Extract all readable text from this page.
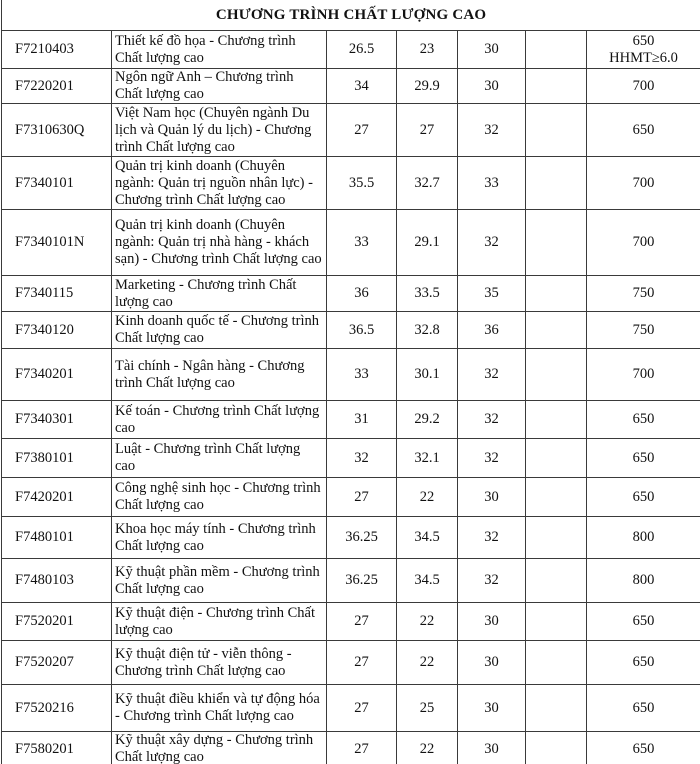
CHƯƠNG TRÌNH CHẤT LƯỢNG CAO						
F7210403	Thiết kế đồ họa - Chương trình Chất lượng cao	26.5	23	30		650
HHMT≥6.0

F7220201	Ngôn ngữ Anh – Chương trình Chất lượng cao	34	29.9	30		700

F7310630Q	Việt Nam học (Chuyên ngành Du lịch và Quản lý du lịch) - Chương trình Chất lượng cao	27	27	32		650

F7340101	Quản trị kinh doanh (Chuyên ngành: Quản trị nguồn nhân lực) - Chương trình Chất lượng cao	35.5	32.7	33		700

F7340101N	Quản trị kinh doanh (Chuyên ngành: Quản trị nhà hàng - khách sạn) - Chương trình Chất lượng cao	33	29.1	32		700

F7340115	Marketing - Chương trình Chất lượng cao	36	33.5	35		750

F7340120	Kinh doanh quốc tế - Chương trình Chất lượng cao	36.5	32.8	36		750

F7340201	Tài chính - Ngân hàng - Chương trình Chất lượng cao	33	30.1	32		700

F7340301	Kế toán - Chương trình Chất lượng cao	31	29.2	32		650

F7380101	Luật - Chương trình Chất lượng cao	32	32.1	32		650

F7420201	Công nghệ sinh học - Chương trình Chất lượng cao	27	22	30		650

F7480101	Khoa học máy tính - Chương trình Chất lượng cao	36.25	34.5	32		800

F7480103	Kỹ thuật phần mềm - Chương trình Chất lượng cao	36.25	34.5	32		800

F7520201	Kỹ thuật điện - Chương trình Chất lượng cao	27	22	30		650

F7520207	Kỹ thuật điện tử - viễn thông - Chương trình Chất lượng cao	27	22	30		650

F7520216	Kỹ thuật điều khiển và tự động hóa - Chương trình Chất lượng cao	27	25	30		650

F7580201	Kỹ thuật xây dựng - Chương trình Chất lượng cao	27	22	30		650
